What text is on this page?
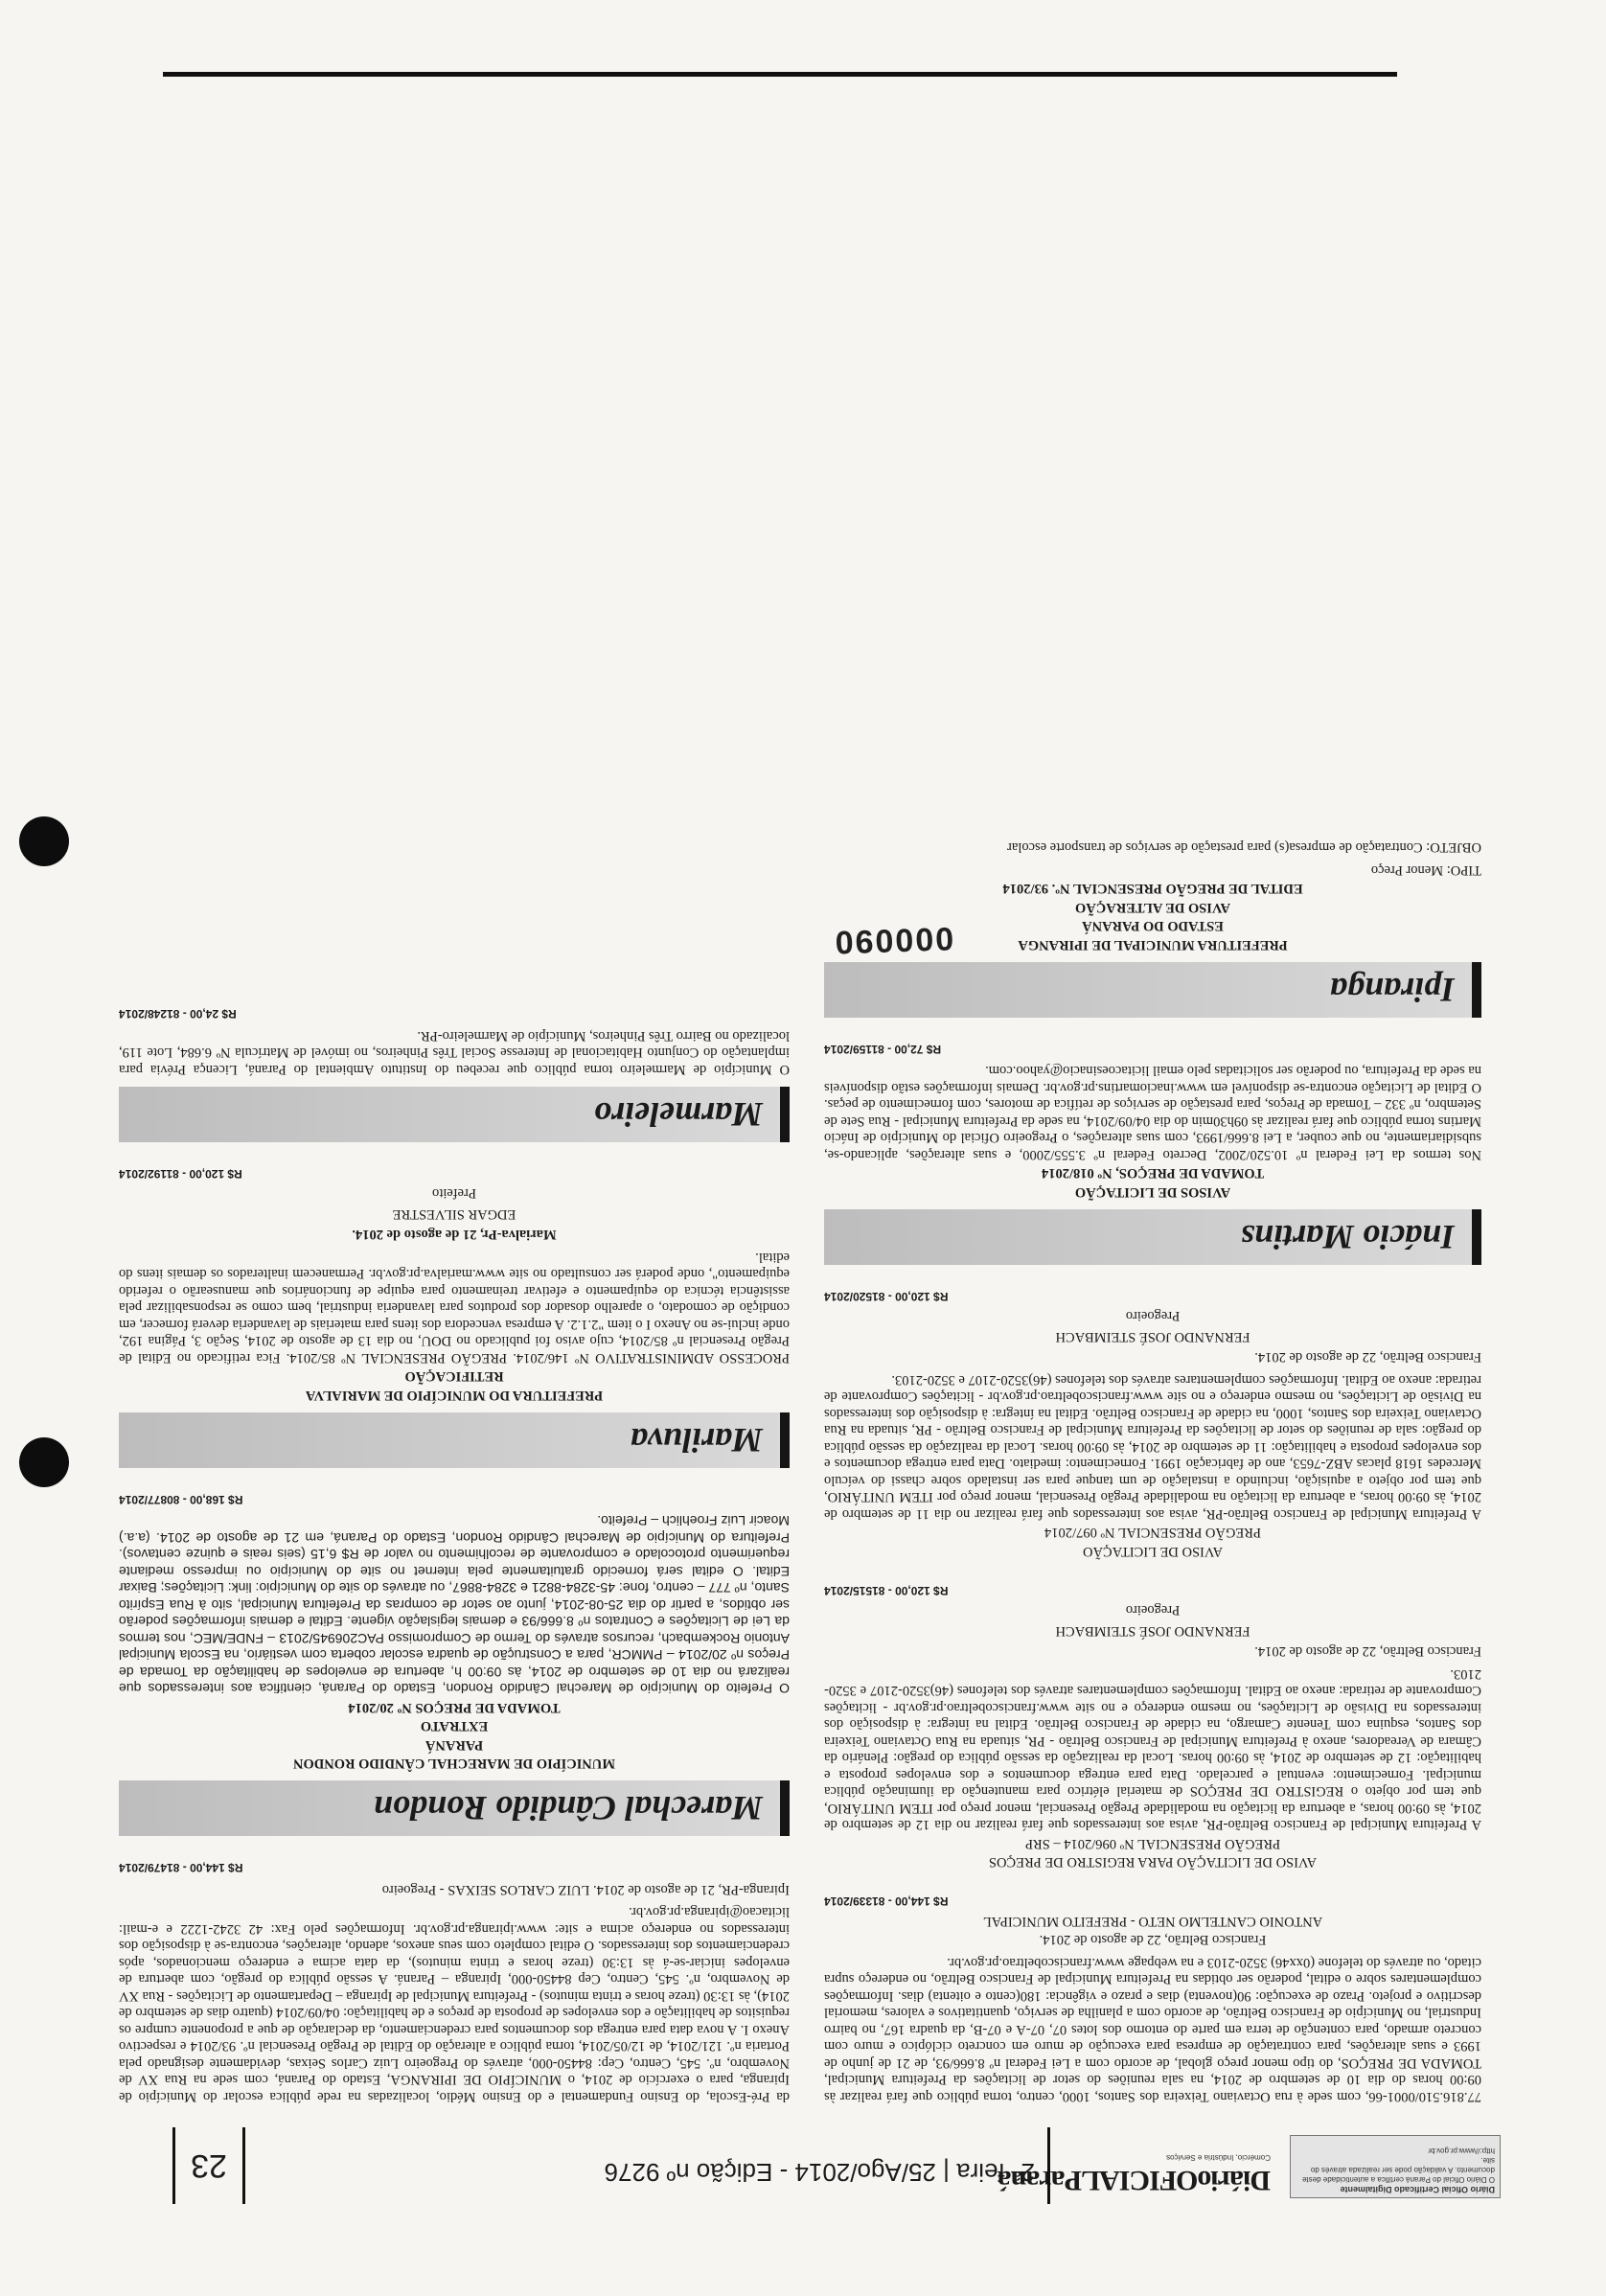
Diário Oficial Certificado Digitalmente
O Diário Oficial do Paraná certifica a autenticidade deste documento. A validação pode ser realizada através do site.
http://www.pr.gov.br
DiárioOFICIALParaná
Comércio, Indústria e Serviços
2ª feira | 25/Ago/2014 - Edição nº 9276
23

77.816.510/0001-66, com sede à rua Octaviano Teixeira dos Santos, 1000, centro, torna público que fará realizar às 09:00 horas do dia 10 de setembro de 2014, na sala reuniões do setor de licitações da Prefeitura Municipal, TOMADA DE PREÇOS, do tipo menor preço global, de acordo com a Lei Federal nº 8.666/93, de 21 de junho de 1993 e suas alterações, para contratação de empresa para execução de muro em concreto ciclópico e muro com concreto armado, para contenção de terra em parte do entorno dos lotes 07, 07-A e 07-B, da quadra 167, no bairro Industrial, no Município de Francisco Beltrão, de acordo com a planilha de serviço, quantitativos e valores, memorial descritivo e projeto. Prazo de execução: 90(noventa) dias e prazo e vigência: 180(cento e oitenta) dias. Informações complementares sobre o edital, poderão ser obtidas na Prefeitura Municipal de Francisco Beltrão, no endereço supra citado, ou através do telefone (0xx46) 3520-2103 e na webpage www.franciscobeltrao.pr.gov.br.

Francisco Beltrão, 22 de agosto de 2014.

ANTONIO CANTELMO NETO - PREFEITO MUNICIPAL

R$ 144,00 - 81339/2014

AVISO DE LICITAÇÃO PARA REGISTRO DE PREÇOS

PREGÃO PRESENCIAL Nº 096/2014 – SRP

A Prefeitura Municipal de Francisco Beltrão-PR, avisa aos interessados que fará realizar no dia 12 de setembro de 2014, às 09:00 horas, a abertura da licitação na modalidade Pregão Presencial, menor preço por ITEM UNITÁRIO, que tem por objeto o REGISTRO DE PREÇOS de material elétrico para manutenção da iluminação pública municipal. Fornecimento: eventual e parcelado. Data para entrega documentos e dos envelopes proposta e habilitação: 12 de setembro de 2014, às 09:00 horas. Local da realização da sessão pública do pregão: Plenário da Câmara de Vereadores, anexo à Prefeitura Municipal de Francisco Beltrão - PR, situada na Rua Octaviano Teixeira dos Santos, esquina com Tenente Camargo, na cidade de Francisco Beltrão. Edital na íntegra: à disposição dos interessados na Divisão de Licitações, no mesmo endereço e no site www.franciscobeltrao.pr.gov.br - licitações Comprovante de retirada: anexo ao Edital. Informações complementares através dos telefones (46)3520-2107 e 3520-2103.

Francisco Beltrão, 22 de agosto de 2014.

FERNANDO JOSÉ STEIMBACH

Pregoeiro

R$ 120,00 - 81515/2014

AVISO DE LICITAÇÃO

PREGÃO PRESENCIAL Nº 097/2014

A Prefeitura Municipal de Francisco Beltrão-PR, avisa aos interessados que fará realizar no dia 11 de setembro de 2014, às 09:00 horas, a abertura da licitação na modalidade Pregão Presencial, menor preço por ITEM UNITÁRIO, que tem por objeto a aquisição, incluindo a instalação de um tanque para ser instalado sobre chassi do veículo Mercedes 1618 placas ABZ-7653, ano de fabricação 1991. Fornecimento: imediato. Data para entrega documentos e dos envelopes proposta e habilitação: 11 de setembro de 2014, às 09:00 horas. Local da realização da sessão pública do pregão: sala de reuniões do setor de licitações da Prefeitura Municipal de Francisco Beltrão - PR, situada na Rua Octaviano Teixeira dos Santos, 1000, na cidade de Francisco Beltrão. Edital na íntegra: à disposição dos interessados na Divisão de Licitações, no mesmo endereço e no site www.franciscobeltrao.pr.gov.br - licitações Comprovante de retirada: anexo ao Edital. Informações complementares através dos telefones (46)3520-2107 e 3520-2103.

Francisco Beltrão, 22 de agosto de 2014.

FERNANDO JOSÉ STEIMBACH

Pregoeiro

R$ 120,00 - 81520/2014
Inácio Martins

AVISOS DE LICITAÇÃO

TOMADA DE PREÇOS, Nº 018/2014

Nos termos da Lei Federal nº 10.520/2002, Decreto Federal nº 3.555/2000, e suas alterações, aplicando-se, subsidiariamente, no que couber, a Lei 8.666/1993, com suas alterações, o Pregoeiro Oficial do Município de Inácio Martins torna público que fará realizar às 09h30min do dia 04/09/2014, na sede da Prefeitura Municipal - Rua Sete de Setembro, nº 332 – Tomada de Preços, para prestação de serviços de retífica de motores, com fornecimento de peças. O Edital de Licitação encontra-se disponível em www.inaciomartins.pr.gov.br. Demais informações estão disponíveis na sede da Prefeitura, ou poderão ser solicitadas pelo email licitacoesinacio@yahoo.com.

R$ 72,00 - 81159/2014
Ipiranga
000090	PREFEITURA MUNICIPAL DE IPIRANGA

ESTADO DO PARANÁ

AVISO DE ALTERAÇÃO

EDITAL DE PREGÃO PRESENCIAL Nº. 93/2014

TIPO: Menor Preço

OBJETO: Contratação de empresa(s) para prestação de serviços de transporte escolar

da Pré-Escola, do Ensino Fundamental e do Ensino Médio, localizadas na rede pública escolar do Município de Ipiranga, para o exercício de 2014, o MUNICÍPIO DE IPIRANGA, Estado do Paraná, com sede na Rua XV de Novembro, nº. 545, Centro, Cep: 84450-000, através do Pregoeiro Luiz Carlos Seixas, devidamente designado pela Portaria nº. 121/2014, de 12/05/2014, torna público a alteração do Edital de Pregão Presencial nº. 93/2014 e respectivo Anexo I. A nova data para entrega dos documentos para credenciamento, da declaração de que a proponente cumpre os requisitos de habilitação e dos envelopes de proposta de preços e de habilitação: 04/09/2014 (quatro dias de setembro de 2014), às 13:30 (treze horas e trinta minutos) - Prefeitura Municipal de Ipiranga – Departamento de Licitações - Rua XV de Novembro, nº. 545, Centro, Cep 84450-000, Ipiranga – Paraná. A sessão pública do pregão, com abertura de envelopes iniciar-se-á às 13:30 (treze horas e trinta minutos), da data acima e endereço mencionados, após credenciamentos dos interessados. O edital completo com seus anexos, adendo, alterações, encontra-se à disposição dos interessados no endereço acima e site: www.ipiranga.pr.gov.br. Informações pelo Fax: 42 3242-1222 e e-mail: licitacao@ipiranga.pr.gov.br.

Ipiranga-PR, 21 de agosto de 2014. LUIZ CARLOS SEIXAS - Pregoeiro

R$ 144,00 - 81479/2014
Marechal Cândido Rondon

MUNICÍPIO DE MARECHAL CÂNDIDO RONDON

PARANÁ

EXTRATO

TOMADA DE PREÇOS Nº 20/2014

O Prefeito do Município de Marechal Cândido Rondon, Estado do Paraná, cientifica aos interessados que realizará no dia 10 de setembro de 2014, às 09:00 h, abertura de envelopes de habilitação da Tomada de Preços nº 20/2014 – PMMCR, para a Construção de quadra escolar coberta com vestiário, na Escola Municipal Antonio Rockembach, recursos através do Termo de Compromisso PAC206945/2013 – FNDE/MEC, nos termos da Lei de Licitações e Contratos nº 8.666/93 e demais legislação vigente. Edital e demais informações poderão ser obtidos, a partir do dia 25-08-2014, junto ao setor de compras da Prefeitura Municipal, sito à Rua Espírito Santo, nº 777 – centro, fone: 45-3284-8821 e 3284-8867, ou através do site do Município: link: Licitações; Baixar Edital. O edital será fornecido gratuitamente pela internet no site do Município ou impresso mediante requerimento protocolado e comprovante de recolhimento no valor de R$ 6,15 (seis reais e quinze centavos). Prefeitura do Município de Marechal Cândido Rondon, Estado do Paraná, em 21 de agosto de 2014. (a.a.) Moacir Luiz Froehlich – Prefeito.

R$ 168,00 - 80877/2014
Mariluva

PREFEITURA DO MUNICÍPIO DE MARIALVA

RETIFICAÇÃO

PROCESSO ADMINISTRATIVO Nº 146/2014. PREGÃO PRESENCIAL Nº 85/2014. Fica retificado no Edital de Pregão Presencial nº 85/2014, cujo aviso foi publicado no DOU, no dia 13 de agosto de 2014, Seção 3, Página 192, onde inclui-se no Anexo I o item "2.1.2. A empresa vencedora dos itens para materiais de lavanderia deverá fornecer, em condição de comodato, o aparelho dosador dos produtos para lavanderia industrial, bem como se responsabilizar pela assistência técnica do equipamento e efetivar treinamento para equipe de funcionários que manusearão o referido equipamento", onde poderá ser consultado no site www.marialva.pr.gov.br. Permanecem inalterados os demais itens do edital.

Marialva-Pr, 21 de agosto de 2014.

EDGAR SILVESTRE

Prefeito

R$ 120,00 - 81192/2014
Marmeleiro

O Município de Marmeleiro torna público que recebeu do Instituto Ambiental do Paraná, Licença Prévia para implantação do Conjunto Habitacional de Interesse Social Três Pinheiros, no imóvel de Matrícula Nº 6.684, Lote 119, localizado no Bairro Três Pinheiros, Município de Marmeleiro-PR.

R$ 24,00 - 81248/2014
